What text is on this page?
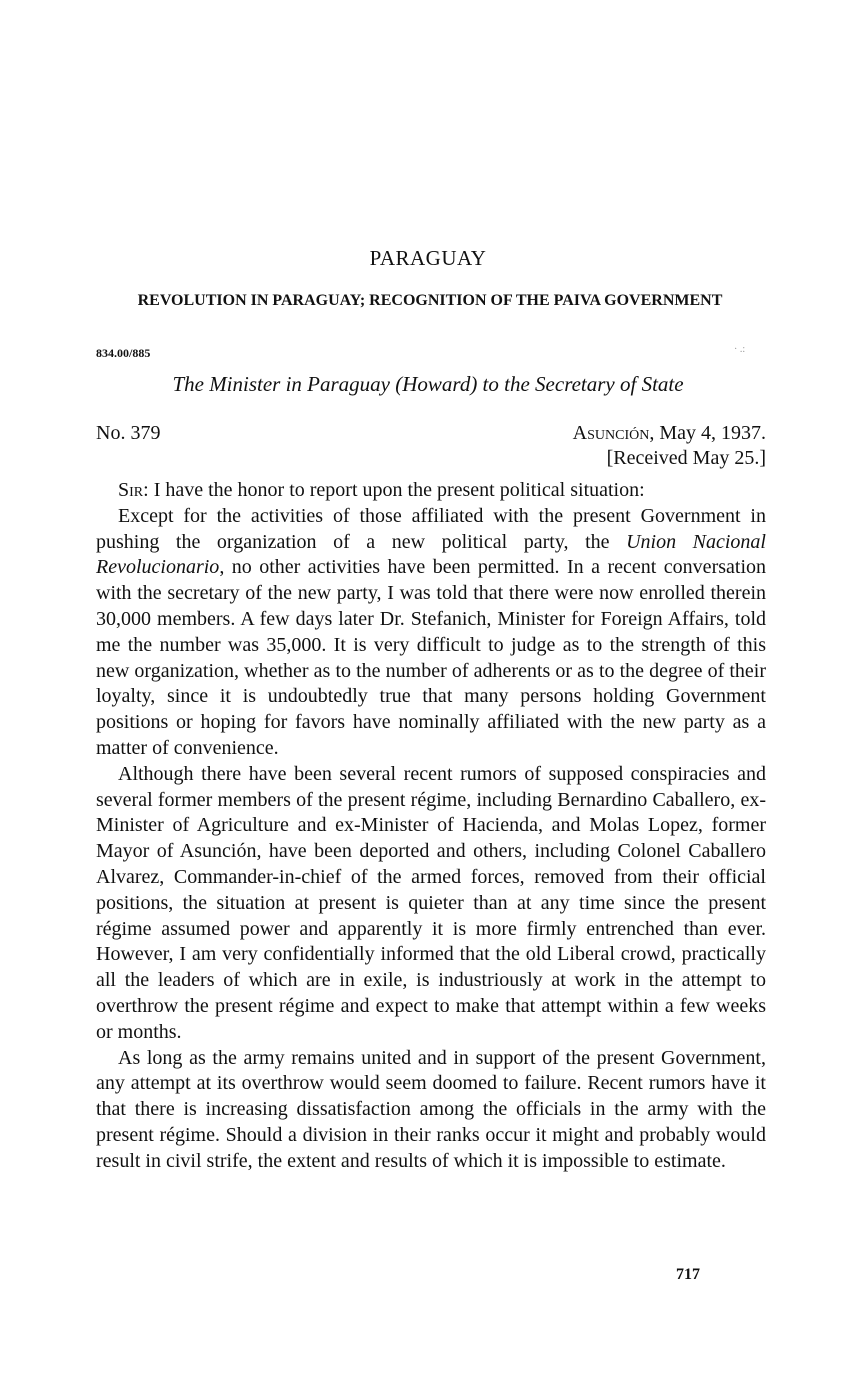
PARAGUAY
REVOLUTION IN PARAGUAY; RECOGNITION OF THE PAIVA GOVERNMENT
834.00/885	· .:
The Minister in Paraguay (Howard) to the Secretary of State
No. 379	Asunción, May 4, 1937.
[Received May 25.]

Sir: I have the honor to report upon the present political situation:

Except for the activities of those affiliated with the present Government in pushing the organization of a new political party, the Union Nacional Revolucionario, no other activities have been permitted. In a recent conversation with the secretary of the new party, I was told that there were now enrolled therein 30,000 members. A few days later Dr. Stefanich, Minister for Foreign Affairs, told me the number was 35,000. It is very difficult to judge as to the strength of this new organization, whether as to the number of adherents or as to the degree of their loyalty, since it is undoubtedly true that many persons holding Government positions or hoping for favors have nominally affiliated with the new party as a matter of convenience.

Although there have been several recent rumors of supposed conspiracies and several former members of the present régime, including Bernardino Caballero, ex-Minister of Agriculture and ex-Minister of Hacienda, and Molas Lopez, former Mayor of Asunción, have been deported and others, including Colonel Caballero Alvarez, Commander-in-chief of the armed forces, removed from their official positions, the situation at present is quieter than at any time since the present régime assumed power and apparently it is more firmly entrenched than ever. However, I am very confidentially informed that the old Liberal crowd, practically all the leaders of which are in exile, is industriously at work in the attempt to overthrow the present régime and expect to make that attempt within a few weeks or months.

As long as the army remains united and in support of the present Government, any attempt at its overthrow would seem doomed to failure. Recent rumors have it that there is increasing dissatisfaction among the officials in the army with the present régime. Should a division in their ranks occur it might and probably would result in civil strife, the extent and results of which it is impossible to estimate.

717
